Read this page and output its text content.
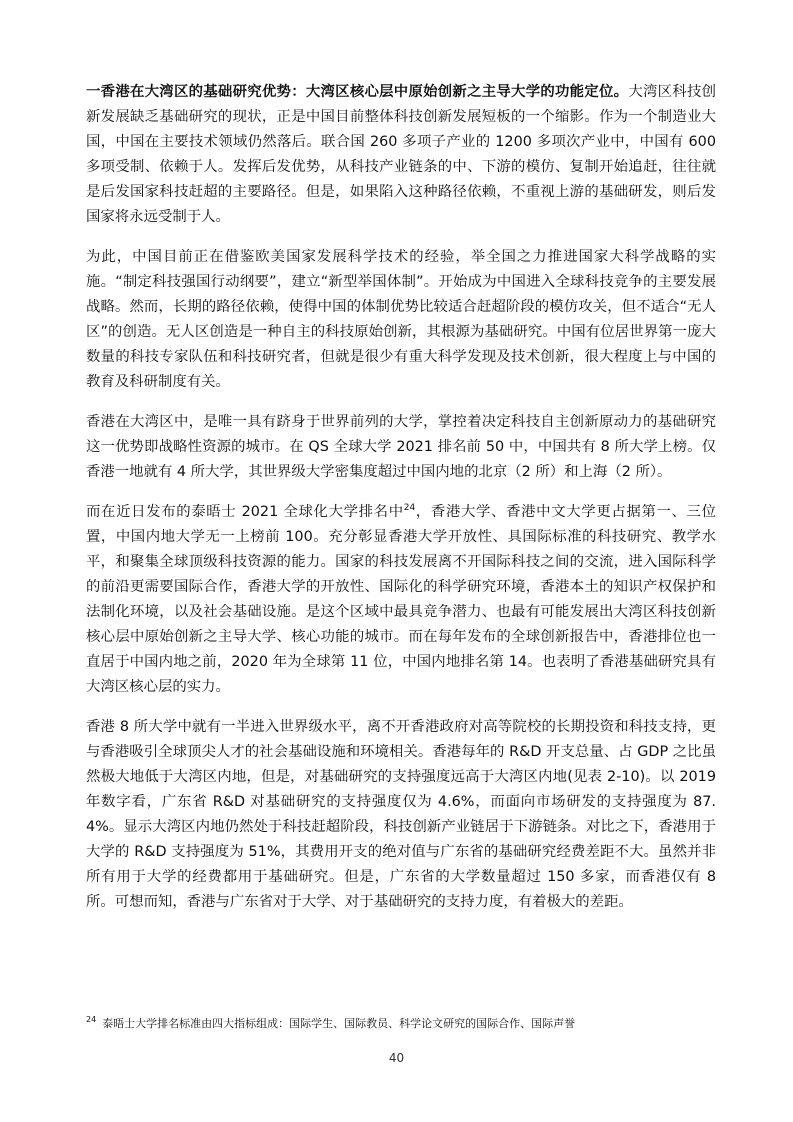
一香港在大湾区的基础研究优势：大湾区核心层中原始创新之主导大学的功能定位。大湾区科技创新发展缺乏基础研究的现状，正是中国目前整体科技创新发展短板的一个缩影。作为一个制造业大国，中国在主要技术领域仍然落后。联合国 260 多项子产业的 1200 多项次产业中，中国有 600 多项受制、依赖于人。发挥后发优势，从科技产业链条的中、下游的模仿、复制开始追赶，往往就是后发国家科技赶超的主要路径。但是，如果陷入这种路径依赖，不重视上游的基础研发，则后发国家将永远受制于人。

为此，中国目前正在借鉴欧美国家发展科学技术的经验，举全国之力推进国家大科学战略的实施。“制定科技强国行动纲要”，建立“新型举国体制”。开始成为中国进入全球科技竞争的主要发展战略。然而，长期的路径依赖，使得中国的体制优势比较适合赶超阶段的模仿攻关，但不适合“无人区”的创造。无人区创造是一种自主的科技原始创新，其根源为基础研究。中国有位居世界第一庞大数量的科技专家队伍和科技研究者，但就是很少有重大科学发现及技术创新，很大程度上与中国的教育及科研制度有关。

香港在大湾区中，是唯一具有跻身于世界前列的大学，掌控着决定科技自主创新原动力的基础研究这一优势即战略性资源的城市。在 QS 全球大学 2021 排名前 50 中，中国共有 8 所大学上榜。仅香港一地就有 4 所大学，其世界级大学密集度超过中国内地的北京（2 所）和上海（2 所）。

而在近日发布的泰晤士 2021 全球化大学排名中$^{24}$，香港大学、香港中文大学更占据第一、三位置，中国内地大学无一上榜前 100。充分彰显香港大学开放性、具国际标准的科技研究、教学水平，和聚集全球顶级科技资源的能力。国家的科技发展离不开国际科技之间的交流，进入国际科学的前沿更需要国际合作，香港大学的开放性、国际化的科学研究环境，香港本土的知识产权保护和法制化环境，以及社会基础设施。是这个区域中最具竞争潜力、也最有可能发展出大湾区科技创新核心层中原始创新之主导大学、核心功能的城市。而在每年发布的全球创新报告中，香港排位也一直居于中国内地之前，2020 年为全球第 11 位，中国内地排名第 14。也表明了香港基础研究具有大湾区核心层的实力。

香港 8 所大学中就有一半进入世界级水平，离不开香港政府对高等院校的长期投资和科技支持，更与香港吸引全球顶尖人才的社会基础设施和环境相关。香港每年的 R&D 开支总量、占 GDP 之比虽然极大地低于大湾区内地，但是，对基础研究的支持强度远高于大湾区内地(见表 2-10)。以 2019 年数字看，广东省 R&D 对基础研究的支持强度仅为 4.6%，而面向市场研发的支持强度为 87.4%。显示大湾区内地仍然处于科技赶超阶段，科技创新产业链居于下游链条。对比之下，香港用于大学的 R&D 支持强度为 51%，其费用开支的绝对值与广东省的基础研究经费差距不大。虽然并非所有用于大学的经费都用于基础研究。但是，广东省的大学数量超过 150 多家，而香港仅有 8 所。可想而知，香港与广东省对于大学、对于基础研究的支持力度，有着极大的差距。

$^{24}$ 泰晤士大学排名标准由四大指标组成：国际学生、国际教员、科学论文研究的国际合作、国际声誉
40
